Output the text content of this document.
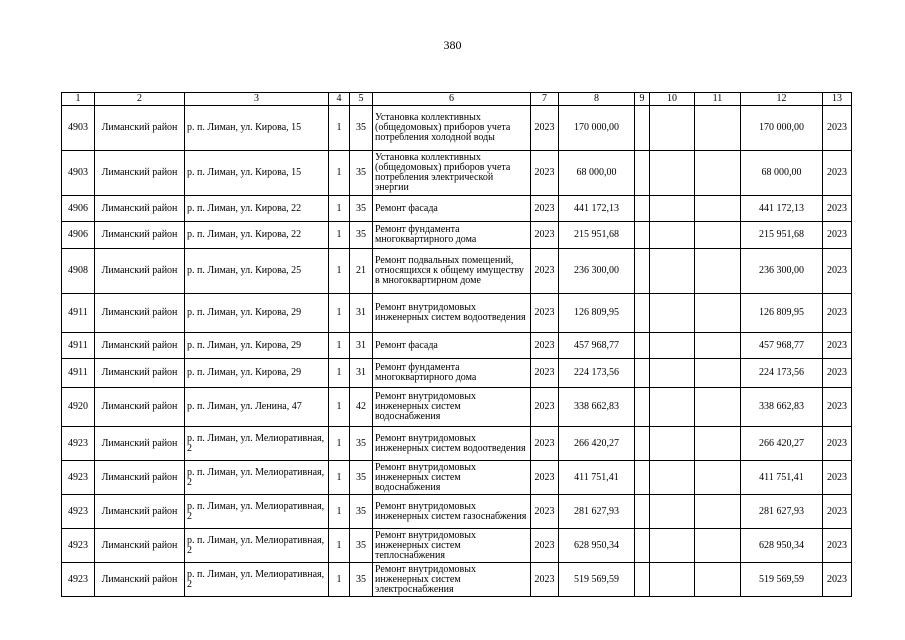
380
1	2	3	4	5	6	7	8	9	10	11	12	13
4903	Лиманский район	р. п. Лиман, ул. Кирова, 15	1	35	Установка коллективных (общедомовых) приборов учета потребления холодной воды	2023	170 000,00				170 000,00	2023
4903	Лиманский район	р. п. Лиман, ул. Кирова, 15	1	35	Установка коллективных (общедомовых) приборов учета потребления электрической энергии	2023	68 000,00				68 000,00	2023
4906	Лиманский район	р. п. Лиман, ул. Кирова, 22	1	35	Ремонт фасада	2023	441 172,13				441 172,13	2023
4906	Лиманский район	р. п. Лиман, ул. Кирова, 22	1	35	Ремонт фундамента многоквартирного дома	2023	215 951,68				215 951,68	2023
4908	Лиманский район	р. п. Лиман, ул. Кирова, 25	1	21	Ремонт подвальных помещений, относящихся к общему имуществу в многоквартирном доме	2023	236 300,00				236 300,00	2023
4911	Лиманский район	р. п. Лиман, ул. Кирова, 29	1	31	Ремонт внутридомовых инженерных систем водоотведения	2023	126 809,95				126 809,95	2023
4911	Лиманский район	р. п. Лиман, ул. Кирова, 29	1	31	Ремонт фасада	2023	457 968,77				457 968,77	2023
4911	Лиманский район	р. п. Лиман, ул. Кирова, 29	1	31	Ремонт фундамента многоквартирного дома	2023	224 173,56				224 173,56	2023
4920	Лиманский район	р. п. Лиман, ул. Ленина, 47	1	42	Ремонт внутридомовых инженерных систем водоснабжения	2023	338 662,83				338 662,83	2023
4923	Лиманский район	р. п. Лиман, ул. Мелиоративная, 2	1	35	Ремонт внутридомовых инженерных систем водоотведения	2023	266 420,27				266 420,27	2023
4923	Лиманский район	р. п. Лиман, ул. Мелиоративная, 2	1	35	Ремонт внутридомовых инженерных систем водоснабжения	2023	411 751,41				411 751,41	2023
4923	Лиманский район	р. п. Лиман, ул. Мелиоративная, 2	1	35	Ремонт внутридомовых инженерных систем газоснабжения	2023	281 627,93				281 627,93	2023
4923	Лиманский район	р. п. Лиман, ул. Мелиоративная, 2	1	35	Ремонт внутридомовых инженерных систем теплоснабжения	2023	628 950,34				628 950,34	2023
4923	Лиманский район	р. п. Лиман, ул. Мелиоративная, 2	1	35	Ремонт внутридомовых инженерных систем электроснабжения	2023	519 569,59				519 569,59	2023
